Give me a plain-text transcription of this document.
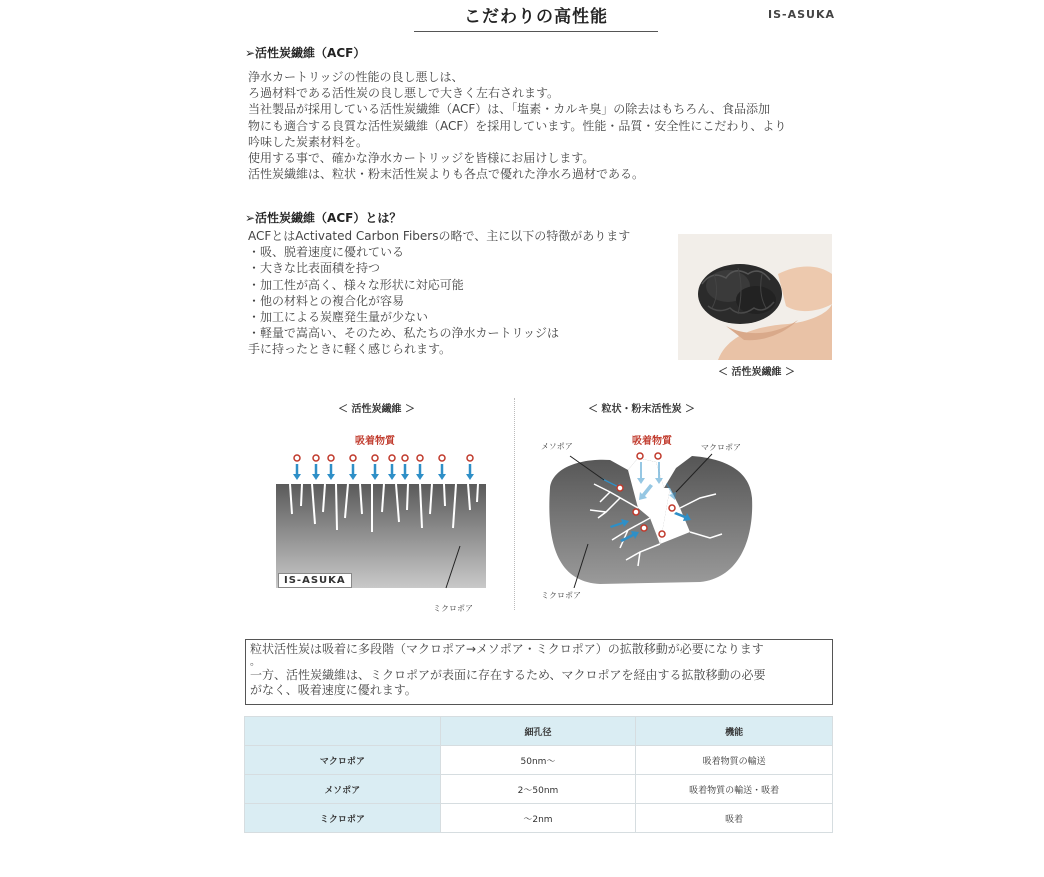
こだわりの高性能	IS-ASUKA
➢活性炭繊維（ACF）
浄水カートリッジの性能の良し悪しは、
ろ過材料である活性炭の良し悪しで大きく左右されます。
当社製品が採用している活性炭繊維（ACF）は、「塩素・カルキ臭」の除去はもちろん、食品添加
物にも適合する良質な活性炭繊維（ACF）を採用しています。性能・品質・安全性にこだわり、より
吟味した炭素材料を。
使用する事で、確かな浄水カートリッジを皆様にお届けします。
活性炭繊維は、粒状・粉末活性炭よりも各点で優れた浄水ろ過材である。
➢活性炭繊維（ACF）とは？
ACFとはActivated Carbon Fibersの略で、主に以下の特徴があります
・吸、脱着速度に優れている
・大きな比表面積を持つ
・加工性が高く、様々な形状に対応可能
・他の材料との複合化が容易
・加工による炭塵発生量が少ない
・軽量で嵩高い、そのため、私たちの浄水カートリッジは
手に持ったときに軽く感じられます。
＜ 活性炭繊維 ＞
＜ 活性炭繊維 ＞
吸着物質
IS-ASUKA
ミクロポア
＜ 粒状・粉末活性炭 ＞
吸着物質
メソポア	マクロポア
ミクロポア
粒状活性炭は吸着に多段階（マクロポア→メソポア・ミクロポア）の拡散移動が必要になります
。
一方、活性炭繊維は、ミクロポアが表面に存在するため、マクロポアを経由する拡散移動の必要
がなく、吸着速度に優れます。
	細孔径	機能
マクロポア	50nm〜	吸着物質の輸送
メソポア	2〜50nm	吸着物質の輸送・吸着
ミクロポア	〜2nm	吸着
